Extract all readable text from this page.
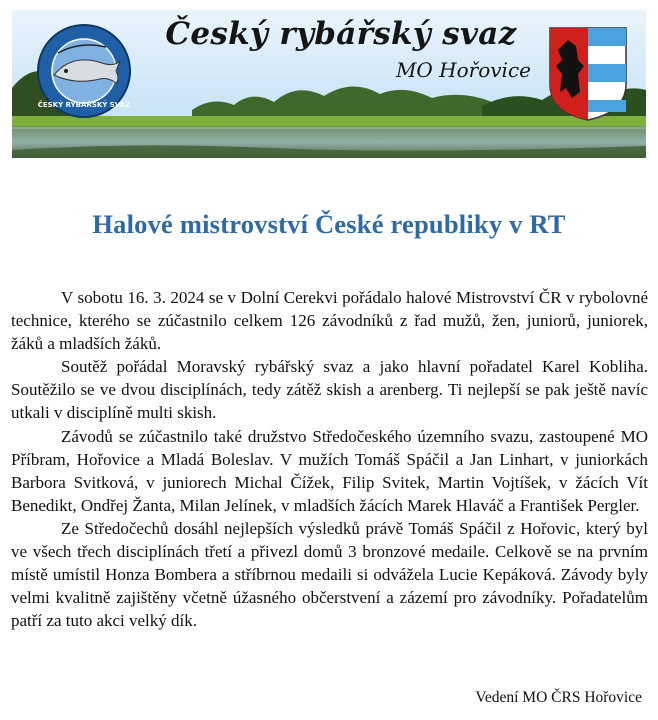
ČESKÝ RYBÁŘSKÝ SVAZ
Český rybářský svaz
MO Hořovice
Halové mistrovství České republiky v RT

V sobotu 16. 3. 2024 se v Dolní Cerekvi pořádalo halové Mistrovství ČR v rybolovné technice, kterého se zúčastnilo celkem 126 závodníků z řad mužů, žen, juniorů, juniorek, žáků a mladších žáků.

Soutěž pořádal Moravský rybářský svaz a jako hlavní pořadatel Karel Kobliha. Soutěžilo se ve dvou disciplínách, tedy zátěž skish a arenberg. Ti nejlepší se pak ještě navíc utkali v disciplíně multi skish.

Závodů se zúčastnilo také družstvo Středočeského územního svazu, zastoupené MO Příbram, Hořovice a Mladá Boleslav. V mužích Tomáš Spáčil a Jan Linhart, v juniorkách Barbora Svitková, v juniorech Michal Čížek, Filip Svitek, Martin Vojtíšek, v žácích Vít Benedikt, Ondřej Žanta, Milan Jelínek, v mladších žácích Marek Hlaváč a František Pergler.

Ze Středočechů dosáhl nejlepších výsledků právě Tomáš Spáčil z Hořovic, který byl ve všech třech disciplínách třetí a přivezl domů 3 bronzové medaile. Celkově se na prvním místě umístil Honza Bombera a stříbrnou medaili si odvážela Lucie Kepáková. Závody byly velmi kvalitně zajištěny včetně úžasného občerstvení a zázemí pro závodníky. Pořadatelům patří za tuto akci velký dík.

Vedení MO ČRS Hořovice
